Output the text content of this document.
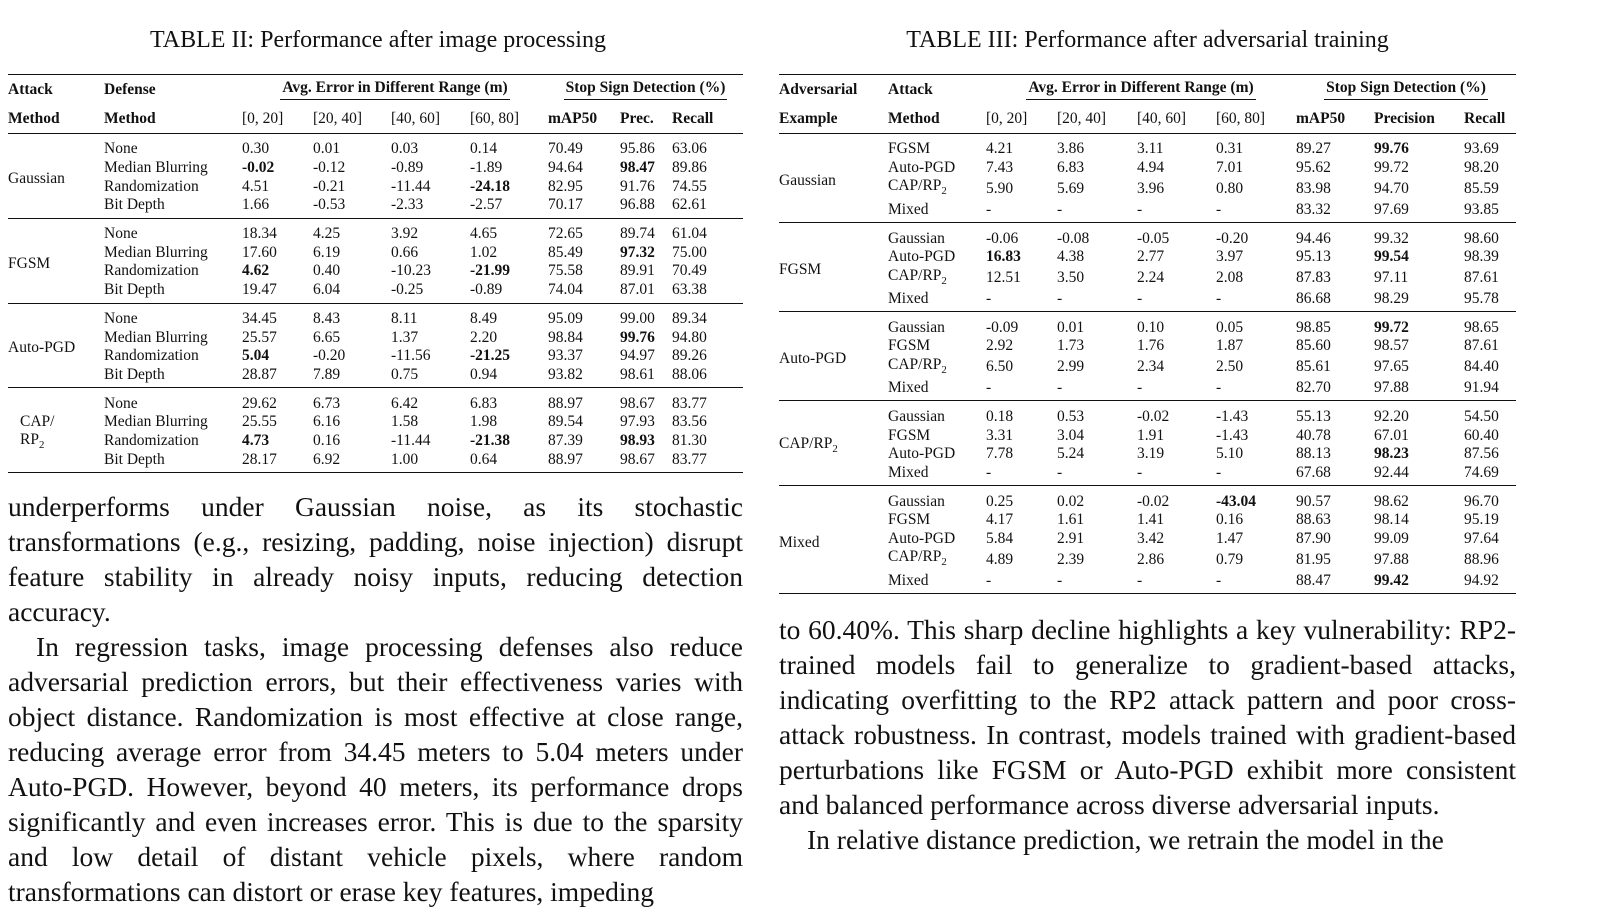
TABLE II: Performance after image processing
Attack	Defense	Avg. Error in Different Range (m)				Stop Sign Detection (%)		
Method	Method	[0, 20]	[20, 40]	[40, 60]	[60, 80]	mAP50	Prec.	Recall
Gaussian	None	0.30	0.01	0.03	0.14	70.49	95.86	63.06
	Median Blurring	-0.02	-0.12	-0.89	-1.89	94.64	98.47	89.86
	Randomization	4.51	-0.21	-11.44	-24.18	82.95	91.76	74.55
	Bit Depth	1.66	-0.53	-2.33	-2.57	70.17	96.88	62.61
FGSM	None	18.34	4.25	3.92	4.65	72.65	89.74	61.04
	Median Blurring	17.60	6.19	0.66	1.02	85.49	97.32	75.00
	Randomization	4.62	0.40	-10.23	-21.99	75.58	89.91	70.49
	Bit Depth	19.47	6.04	-0.25	-0.89	74.04	87.01	63.38
Auto-PGD	None	34.45	8.43	8.11	8.49	95.09	99.00	89.34
	Median Blurring	25.57	6.65	1.37	2.20	98.84	99.76	94.80
	Randomization	5.04	-0.20	-11.56	-21.25	93.37	94.97	89.26
	Bit Depth	28.87	7.89	0.75	0.94	93.82	98.61	88.06
CAP/
$RP_2$	None	29.62	6.73	6.42	6.83	88.97	98.67	83.77
	Median Blurring	25.55	6.16	1.58	1.98	89.54	97.93	83.56
	Randomization	4.73	0.16	-11.44	-21.38	87.39	98.93	81.30
	Bit Depth	28.17	6.92	1.00	0.64	88.97	98.67	83.77

underperforms under Gaussian noise, as its stochastic transformations (e.g., resizing, padding, noise injection) disrupt feature stability in already noisy inputs, reducing detection accuracy.

In regression tasks, image processing defenses also reduce adversarial prediction errors, but their effectiveness varies with object distance. Randomization is most effective at close range, reducing average error from 34.45 meters to 5.04 meters under Auto-PGD. However, beyond 40 meters, its performance drops significantly and even increases error. This is due to the sparsity and low detail of distant vehicle pixels, where random transformations can distort or erase key features, impeding

TABLE III: Performance after adversarial training
Adversarial	Attack	Avg. Error in Different Range (m)				Stop Sign Detection (%)		
Example	Method	[0, 20]	[20, 40]	[40, 60]	[60, 80]	mAP50	Precision	Recall
Gaussian	FGSM	4.21	3.86	3.11	0.31	89.27	99.76	93.69
	Auto-PGD	7.43	6.83	4.94	7.01	95.62	99.72	98.20
	CAP/$RP_2$	5.90	5.69	3.96	0.80	83.98	94.70	85.59
	Mixed	-	-	-	-	83.32	97.69	93.85
FGSM	Gaussian	-0.06	-0.08	-0.05	-0.20	94.46	99.32	98.60
	Auto-PGD	16.83	4.38	2.77	3.97	95.13	99.54	98.39
	CAP/$RP_2$	12.51	3.50	2.24	2.08	87.83	97.11	87.61
	Mixed	-	-	-	-	86.68	98.29	95.78
Auto-PGD	Gaussian	-0.09	0.01	0.10	0.05	98.85	99.72	98.65
	FGSM	2.92	1.73	1.76	1.87	85.60	98.57	87.61
	CAP/$RP_2$	6.50	2.99	2.34	2.50	85.61	97.65	84.40
	Mixed	-	-	-	-	82.70	97.88	91.94
CAP/$RP_2$	Gaussian	0.18	0.53	-0.02	-1.43	55.13	92.20	54.50
	FGSM	3.31	3.04	1.91	-1.43	40.78	67.01	60.40
	Auto-PGD	7.78	5.24	3.19	5.10	88.13	98.23	87.56
	Mixed	-	-	-	-	67.68	92.44	74.69
Mixed	Gaussian	0.25	0.02	-0.02	-43.04	90.57	98.62	96.70
	FGSM	4.17	1.61	1.41	0.16	88.63	98.14	95.19
	Auto-PGD	5.84	2.91	3.42	1.47	87.90	99.09	97.64
	CAP/$RP_2$	4.89	2.39	2.86	0.79	81.95	97.88	88.96
	Mixed	-	-	-	-	88.47	99.42	94.92

to 60.40%. This sharp decline highlights a key vulnerability: RP2-trained models fail to generalize to gradient-based attacks, indicating overfitting to the RP2 attack pattern and poor cross-attack robustness. In contrast, models trained with gradient-based perturbations like FGSM or Auto-PGD exhibit more consistent and balanced performance across diverse adversarial inputs.

In relative distance prediction, we retrain the model in the
